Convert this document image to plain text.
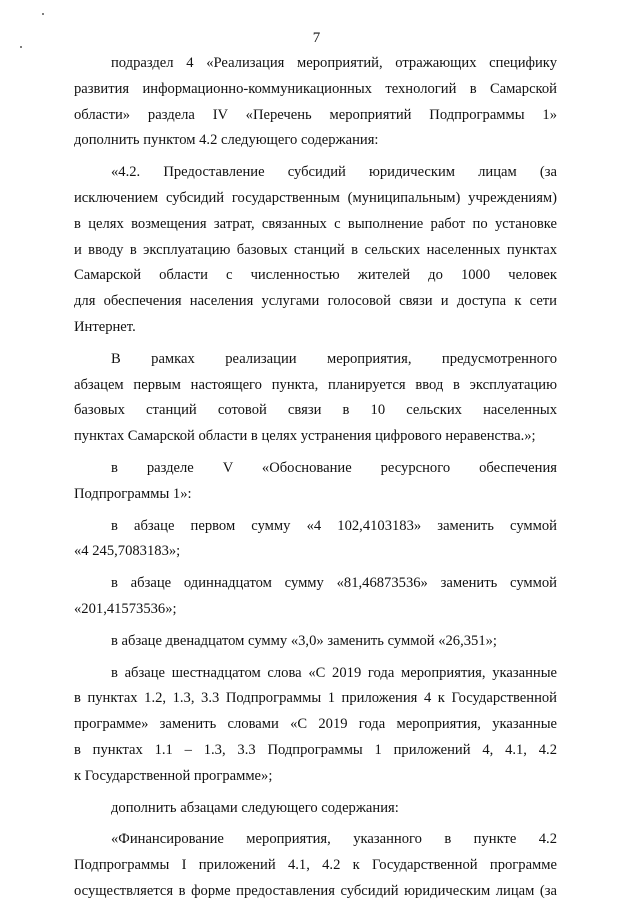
7
подраздел 4 «Реализация мероприятий, отражающих специфику
развития информационно-коммуникационных технологий в Самарской
области» раздела IV «Перечень мероприятий Подпрограммы 1»
дополнить пунктом 4.2 следующего содержания:
«4.2. Предоставление субсидий юридическим лицам (за
исключением субсидий государственным (муниципальным) учреждениям)
в целях возмещения затрат, связанных с выполнение работ по установке
и вводу в эксплуатацию базовых станций в сельских населенных пунктах
Самарской области с численностью жителей до 1000 человек
для обеспечения населения услугами голосовой связи и доступа к сети
Интернет.
В рамках реализации мероприятия, предусмотренного
абзацем первым настоящего пункта, планируется ввод в эксплуатацию
базовых станций сотовой связи в 10 сельских населенных
пунктах Самарской области в целях устранения цифрового неравенства.»;
в разделе V «Обоснование ресурсного обеспечения
Подпрограммы 1»:
в абзаце первом сумму «4 102,4103183» заменить суммой
«4 245,7083183»;
в абзаце одиннадцатом сумму «81,46873536» заменить суммой
«201,41573536»;
в абзаце двенадцатом сумму «3,0» заменить суммой «26,351»;
в абзаце шестнадцатом слова «С 2019 года мероприятия, указанные
в пунктах 1.2, 1.3, 3.3 Подпрограммы 1 приложения 4 к Государственной
программе» заменить словами «С 2019 года мероприятия, указанные
в пунктах 1.1 – 1.3, 3.3 Подпрограммы 1 приложений 4, 4.1, 4.2
к Государственной программе»;
дополнить абзацами следующего содержания:
«Финансирование мероприятия, указанного в пункте 4.2
Подпрограммы I приложений 4.1, 4.2 к Государственной программе
осуществляется в форме предоставления субсидий юридическим лицам (за
